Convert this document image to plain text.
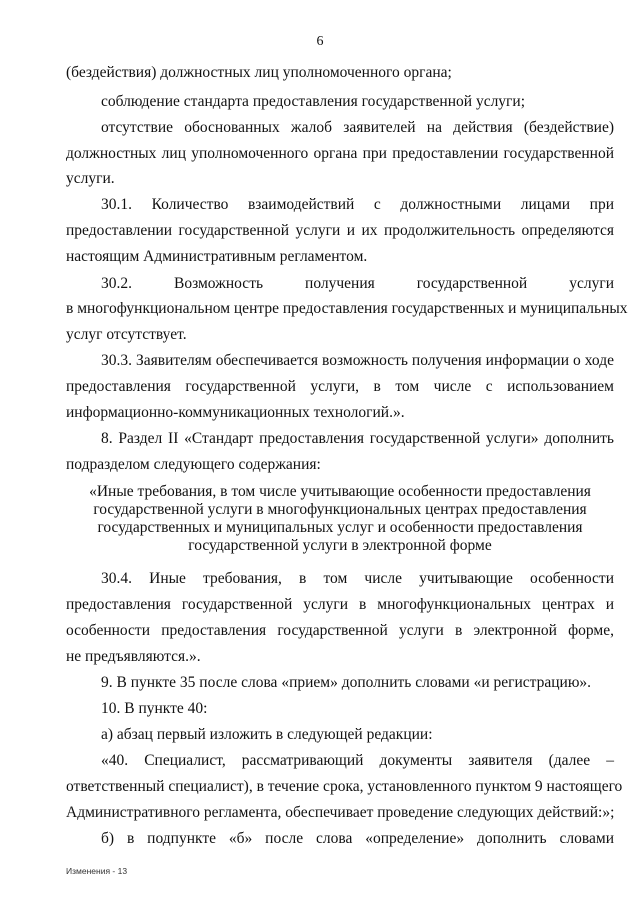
6
(бездействия) должностных лиц уполномоченного органа;
соблюдение стандарта предоставления государственной услуги;
отсутствие обоснованных жалоб заявителей на действия (бездействие)
должностных лиц уполномоченного органа при предоставлении государственной
услуги.
30.1. Количество взаимодействий с должностными лицами при
предоставлении государственной услуги и их продолжительность определяются
настоящим Административным регламентом.
30.2. Возможность получения государственной услуги
в многофункциональном центре предоставления государственных и муниципальных
услуг отсутствует.
30.3. Заявителям обеспечивается возможность получения информации о ходе
предоставления государственной услуги, в том числе с использованием
информационно-коммуникационных технологий.».
8. Раздел II «Стандарт предоставления государственной услуги» дополнить
подразделом следующего содержания:
«Иные требования, в том числе учитывающие особенности предоставления
государственной услуги в многофункциональных центрах предоставления
государственных и муниципальных услуг и особенности предоставления
государственной услуги в электронной форме
30.4. Иные требования, в том числе учитывающие особенности
предоставления государственной услуги в многофункциональных центрах и
особенности предоставления государственной услуги в электронной форме,
не предъявляются.».
9. В пункте 35 после слова «прием» дополнить словами «и регистрацию».
10. В пункте 40:
а) абзац первый изложить в следующей редакции:
«40. Специалист, рассматривающий документы заявителя (далее –
ответственный специалист), в течение срока, установленного пунктом 9 настоящего
Административного регламента, обеспечивает проведение следующих действий:»;
б) в подпункте «б» после слова «определение» дополнить словами
Изменения - 13
